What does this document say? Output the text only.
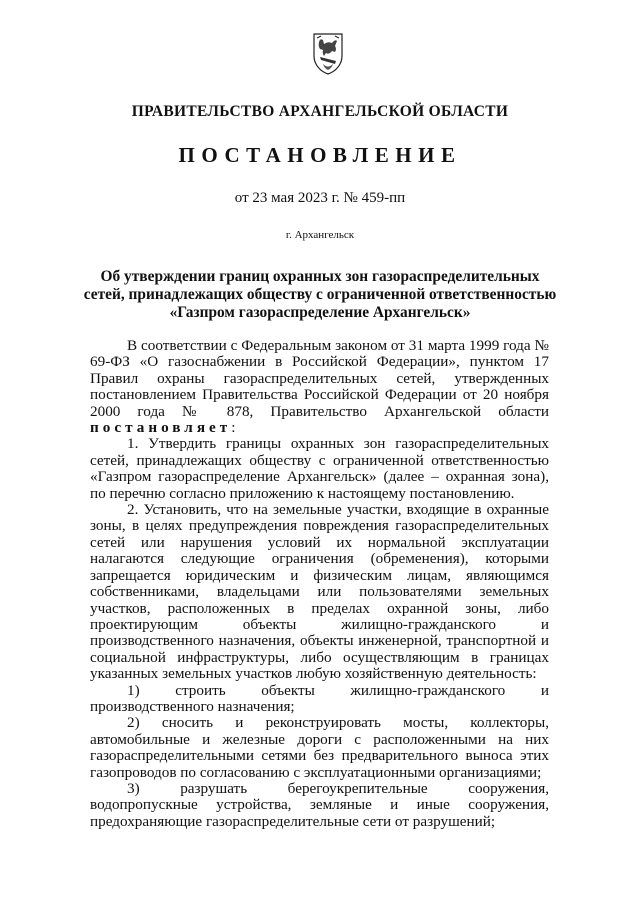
ПРАВИТЕЛЬСТВО АРХАНГЕЛЬСКОЙ ОБЛАСТИ
ПОСТАНОВЛЕНИЕ
от 23 мая 2023 г. № 459-пп
г. Архангельск
Об утверждении границ охранных зон газораспределительных
сетей, принадлежащих обществу с ограниченной ответственностью
«Газпром газораспределение Архангельск»

В соответствии с Федеральным законом от 31 марта 1999 года № 69-ФЗ «О газоснабжении в Российской Федерации», пунктом 17 Правил охраны газораспределительных сетей, утвержденных постановлением Правительства Российской Федерации от 20 ноября 2000 года № 878, Правительство Архангельской области постановляет:

1. Утвердить границы охранных зон газораспределительных сетей, принадлежащих обществу с ограниченной ответственностью «Газпром газораспределение Архангельск» (далее – охранная зона), по перечню согласно приложению к настоящему постановлению.

2. Установить, что на земельные участки, входящие в охранные зоны, в целях предупреждения повреждения газораспределительных сетей или нарушения условий их нормальной эксплуатации налагаются следующие ограничения (обременения), которыми запрещается юридическим и физическим лицам, являющимся собственниками, владельцами или пользователями земельных участков, расположенных в пределах охранной зоны, либо проектирующим объекты жилищно-гражданского и производственного назначения, объекты инженерной, транспортной и социальной инфраструктуры, либо осуществляющим в границах указанных земельных участков любую хозяйственную деятельность:

1) строить объекты жилищно-гражданского и производственного назначения;

2) сносить и реконструировать мосты, коллекторы, автомобильные и железные дороги с расположенными на них газораспределительными сетями без предварительного выноса этих газопроводов по согласованию с эксплуатационными организациями;

3) разрушать берегоукрепительные сооружения, водопропускные устройства, земляные и иные сооружения, предохраняющие газораспределительные сети от разрушений;
